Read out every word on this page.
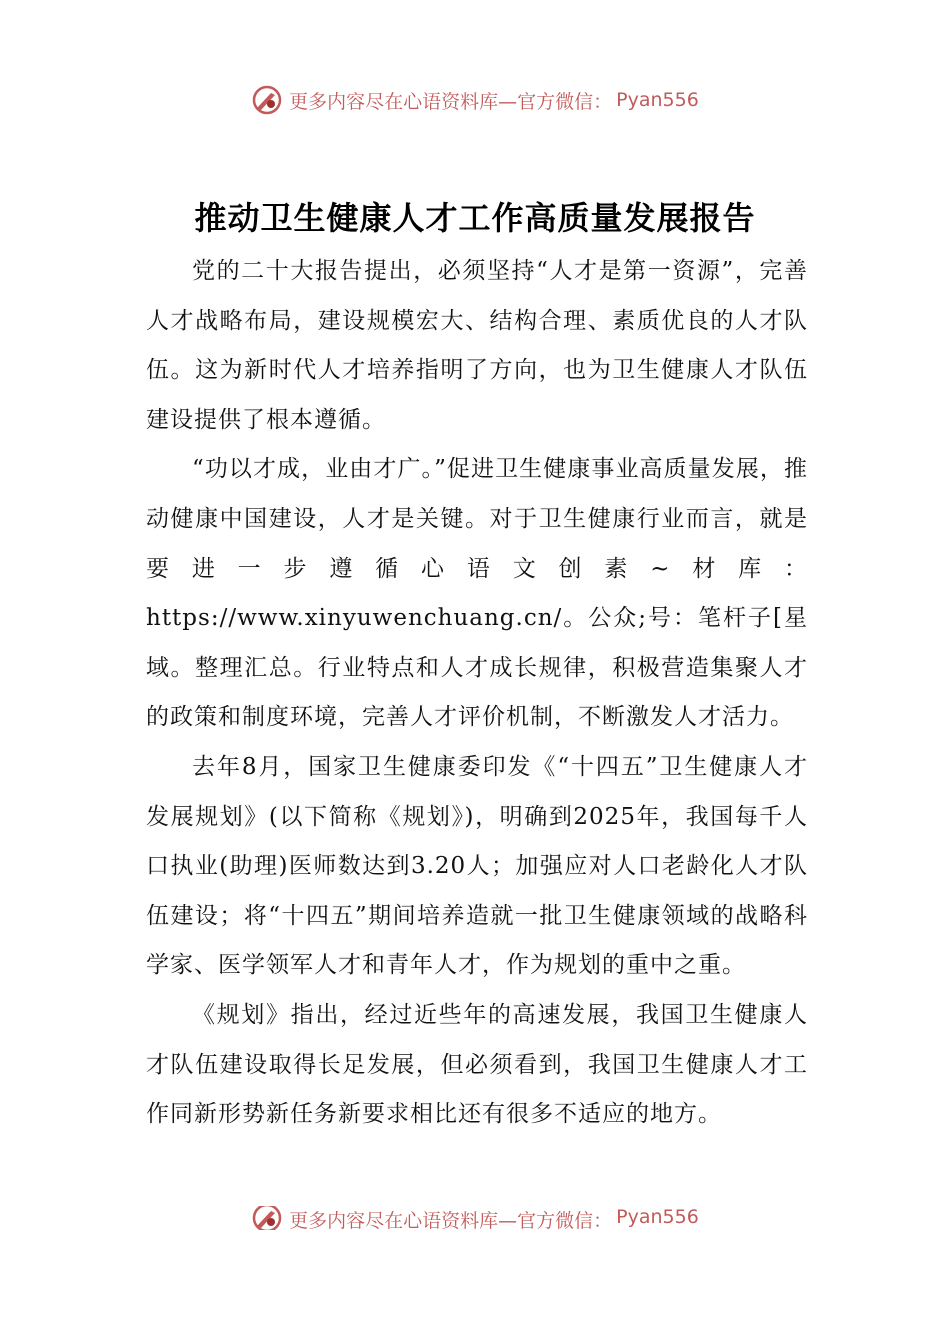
更多内容尽在心语资料库—官方微信： Pyan556
推动卫生健康人才工作高质量发展报告

党的二十大报告提出，必须坚持“人才是第一资源”，完善人才战略布局，建设规模宏大、结构合理、素质优良的人才队伍。这为新时代人才培养指明了方向，也为卫生健康人才队伍建设提供了根本遵循。

“功以才成，业由才广。”促进卫生健康事业高质量发展，推动健康中国建设，人才是关键。对于卫生健康行业而言，就是要进一步遵循心语文创素~材库：https://www.xinyuwenchuang.cn/。公众;号：笔杆子[星域。整理汇总。行业特点和人才成长规律，积极营造集聚人才的政策和制度环境，完善人才评价机制，不断激发人才活力。

去年8月，国家卫生健康委印发《“十四五”卫生健康人才发展规划》(以下简称《规划》)，明确到2025年，我国每千人口执业(助理)医师数达到3.20人；加强应对人口老龄化人才队伍建设；将“十四五”期间培养造就一批卫生健康领域的战略科学家、医学领军人才和青年人才，作为规划的重中之重。

《规划》指出，经过近些年的高速发展，我国卫生健康人才队伍建设取得长足发展，但必须看到，我国卫生健康人才工作同新形势新任务新要求相比还有很多不适应的地方。

更多内容尽在心语资料库—官方微信： Pyan556
